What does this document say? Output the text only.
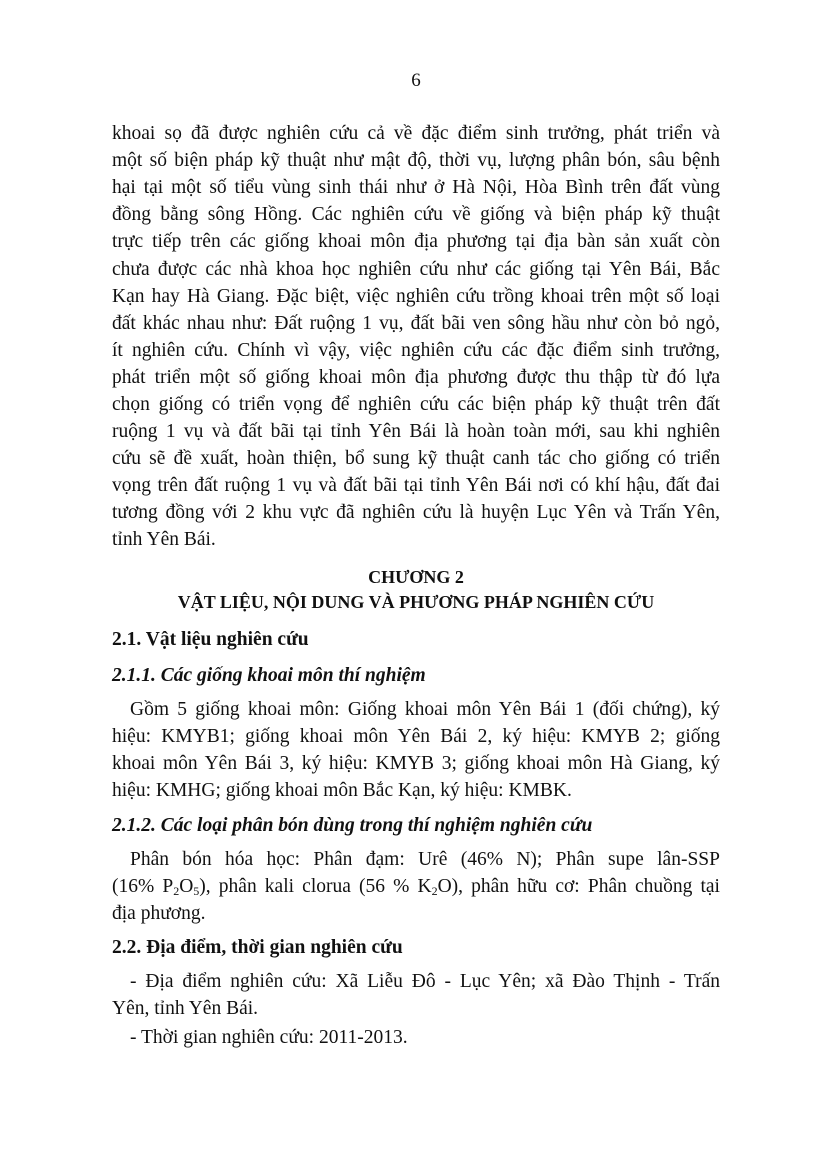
6
khoai sọ đã được nghiên cứu cả về đặc điểm sinh trưởng, phát triển và
một số biện pháp kỹ thuật như mật độ, thời vụ, lượng phân bón, sâu bệnh
hại tại một số tiểu vùng sinh thái như ở Hà Nội, Hòa Bình trên đất vùng
đồng bằng sông Hồng. Các nghiên cứu về giống và biện pháp kỹ thuật
trực tiếp trên các giống khoai môn địa phương tại địa bàn sản xuất còn
chưa được các nhà khoa học nghiên cứu như các giống tại Yên Bái, Bắc
Kạn hay Hà Giang. Đặc biệt, việc nghiên cứu trồng khoai trên một số loại
đất khác nhau như: Đất ruộng 1 vụ, đất bãi ven sông hầu như còn bỏ ngỏ,
ít nghiên cứu. Chính vì vậy, việc nghiên cứu các đặc điểm sinh trưởng,
phát triển một số giống khoai môn địa phương được thu thập từ đó lựa
chọn giống có triển vọng để nghiên cứu các biện pháp kỹ thuật trên đất
ruộng 1 vụ và đất bãi tại tỉnh Yên Bái là hoàn toàn mới, sau khi nghiên
cứu sẽ đề xuất, hoàn thiện, bổ sung kỹ thuật canh tác cho giống có triển
vọng trên đất ruộng 1 vụ và đất bãi tại tỉnh Yên Bái nơi có khí hậu, đất đai
tương đồng với 2 khu vực đã nghiên cứu là huyện Lục Yên và Trấn Yên,
tỉnh Yên Bái.
CHƯƠNG 2
VẬT LIỆU, NỘI DUNG VÀ PHƯƠNG PHÁP NGHIÊN CỨU
2.1. Vật liệu nghiên cứu
2.1.1. Các giống khoai môn thí nghiệm
Gồm 5 giống khoai môn: Giống khoai môn Yên Bái 1 (đối chứng), ký
hiệu: KMYB1; giống khoai môn Yên Bái 2, ký hiệu: KMYB 2; giống
khoai môn Yên Bái 3, ký hiệu: KMYB 3; giống khoai môn Hà Giang, ký
hiệu: KMHG; giống khoai môn Bắc Kạn, ký hiệu: KMBK.
2.1.2. Các loại phân bón dùng trong thí nghiệm nghiên cứu
Phân bón hóa học: Phân đạm: Urê (46% N); Phân supe lân-SSP
(16% $P_2O_5$), phân kali clorua (56 % $K_2O$), phân hữu cơ: Phân chuồng tại
địa phương.
2.2. Địa điểm, thời gian nghiên cứu
- Địa điểm nghiên cứu: Xã Liễu Đô - Lục Yên; xã Đào Thịnh - Trấn
Yên, tỉnh Yên Bái.
- Thời gian nghiên cứu: 2011-2013.
